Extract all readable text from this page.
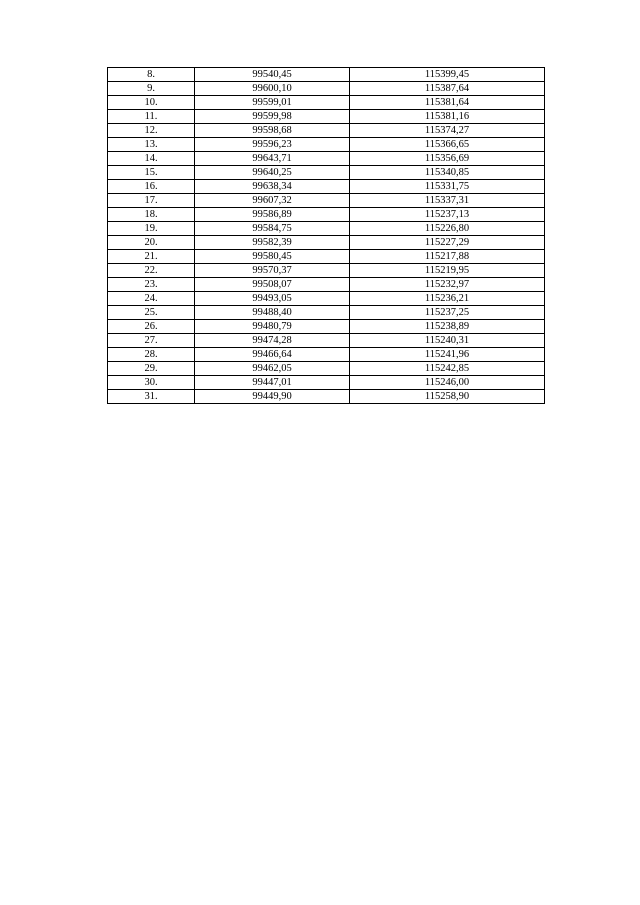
8.	99540,45	115399,45
9.	99600,10	115387,64
10.	99599,01	115381,64
11.	99599,98	115381,16
12.	99598,68	115374,27
13.	99596,23	115366,65
14.	99643,71	115356,69
15.	99640,25	115340,85
16.	99638,34	115331,75
17.	99607,32	115337,31
18.	99586,89	115237,13
19.	99584,75	115226,80
20.	99582,39	115227,29
21.	99580,45	115217,88
22.	99570,37	115219,95
23.	99508,07	115232,97
24.	99493,05	115236,21
25.	99488,40	115237,25
26.	99480,79	115238,89
27.	99474,28	115240,31
28.	99466,64	115241,96
29.	99462,05	115242,85
30.	99447,01	115246,00
31.	99449,90	115258,90
